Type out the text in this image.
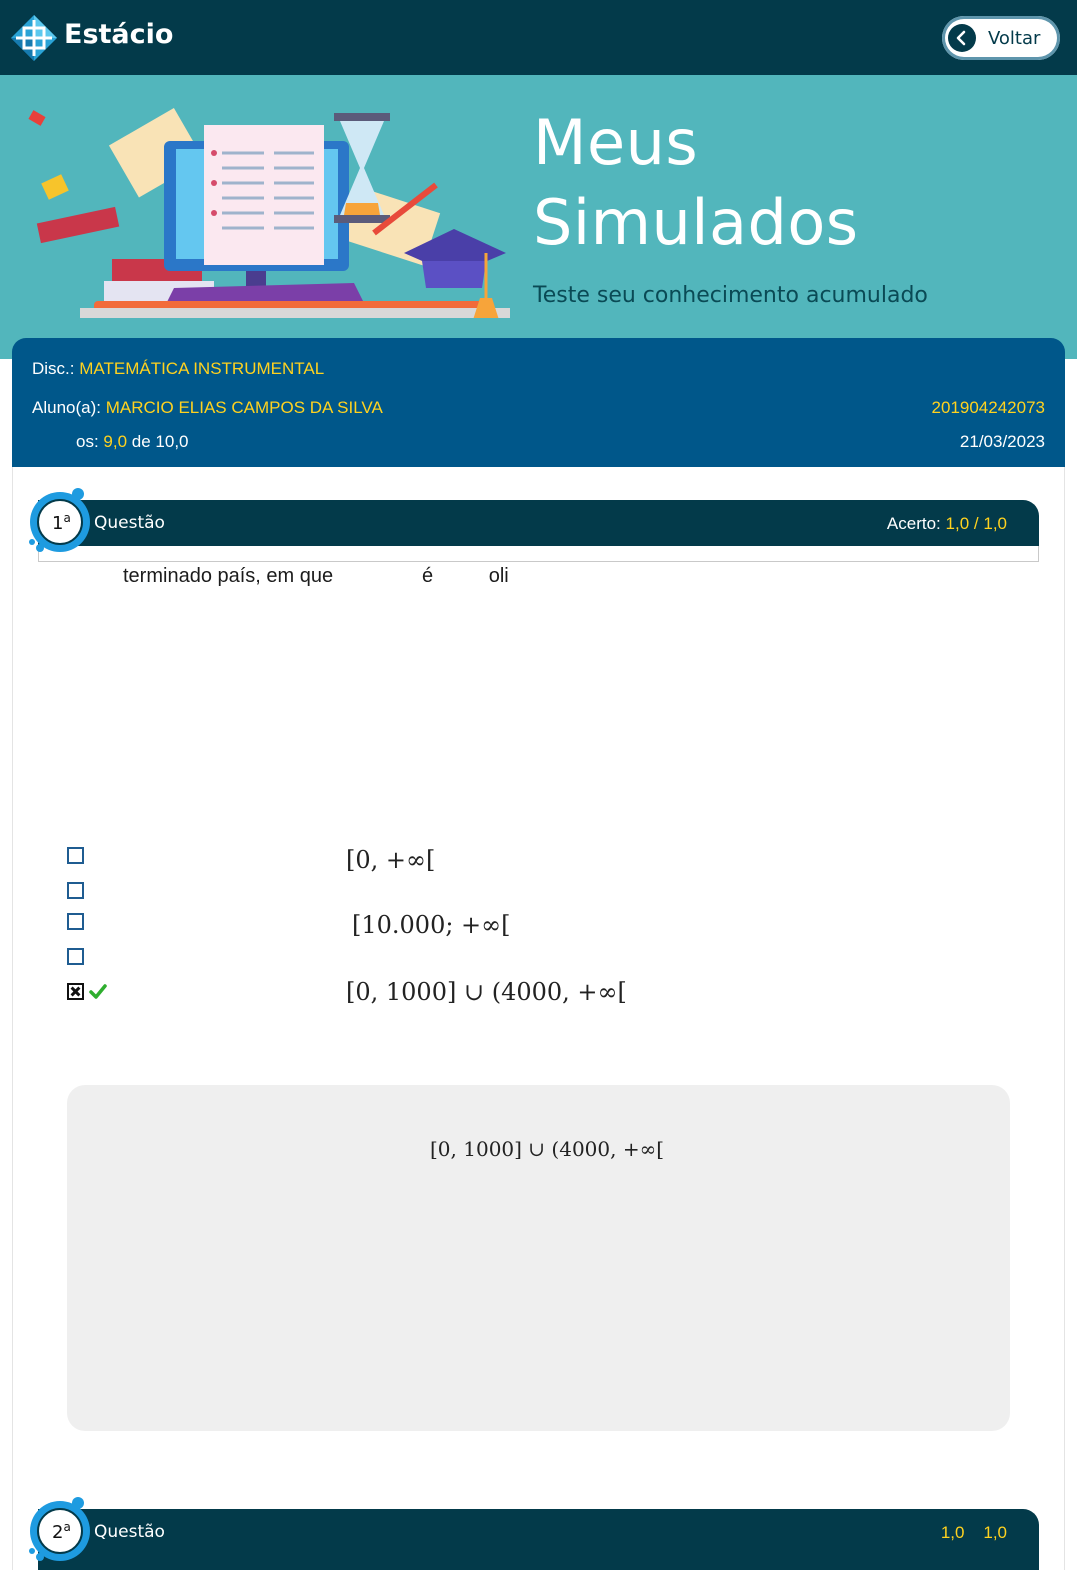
Estácio	Voltar
Meus
Simulados
Teste seu conhecimento acumulado
Disc.: MATEMÁTICA INSTRUMENTAL
Aluno(a): MARCIO ELIAS CAMPOS DA SILVA	201904242073
os: 9,0 de 10,0	21/03/2023
Questão	Acerto: 1,0 / 1,0
1$^a$
terminado país, em que                é          oli
[0, +∞[
[10.000; +∞[
[0, 1000] ∪ (4000, +∞[
[0, 1000] ∪ (4000, +∞[
Questão	1,0 1,0
2$^a$
